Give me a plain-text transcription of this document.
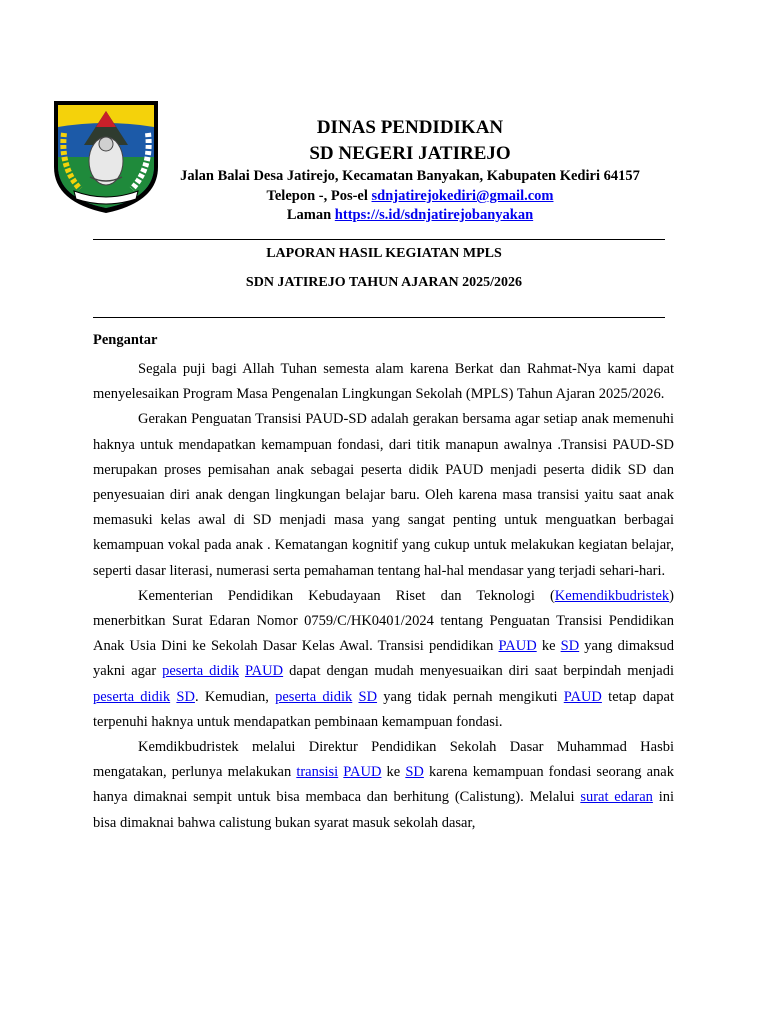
DINAS PENDIDIKAN
SD NEGERI JATIREJO
Jalan Balai Desa Jatirejo, Kecamatan Banyakan, Kabupaten Kediri 64157
Telepon -, Pos-el sdnjatirejokediri@gmail.com
Laman https://s.id/sdnjatirejobanyakan
LAPORAN HASIL KEGIATAN MPLS
SDN JATIREJO TAHUN AJARAN 2025/2026
Pengantar

Segala puji bagi Allah Tuhan semesta alam karena Berkat dan Rahmat-Nya kami dapat menyelesaikan Program Masa Pengenalan Lingkungan Sekolah (MPLS) Tahun Ajaran 2025/2026.

Gerakan Penguatan Transisi PAUD-SD adalah gerakan bersama agar setiap anak memenuhi haknya untuk mendapatkan kemampuan fondasi, dari titik manapun awalnya .Transisi PAUD-SD merupakan proses pemisahan anak sebagai peserta didik PAUD menjadi peserta didik SD dan penyesuaian diri anak dengan lingkungan belajar baru. Oleh karena masa transisi yaitu saat anak memasuki kelas awal di SD menjadi masa yang sangat penting untuk menguatkan berbagai kemampuan vokal pada anak . Kematangan kognitif yang cukup untuk melakukan kegiatan belajar, seperti dasar literasi, numerasi serta pemahaman tentang hal-hal mendasar yang terjadi sehari-hari.

Kementerian Pendidikan Kebudayaan Riset dan Teknologi (Kemendikbudristek) menerbitkan Surat Edaran Nomor 0759/C/HK0401/2024 tentang Penguatan Transisi Pendidikan Anak Usia Dini ke Sekolah Dasar Kelas Awal. Transisi pendidikan PAUD ke SD yang dimaksud yakni agar peserta didik PAUD dapat dengan mudah menyesuaikan diri saat berpindah menjadi peserta didik SD. Kemudian, peserta didik SD yang tidak pernah mengikuti PAUD tetap dapat terpenuhi haknya untuk mendapatkan pembinaan kemampuan fondasi.

Kemdikbudristek melalui Direktur Pendidikan Sekolah Dasar Muhammad Hasbi mengatakan, perlunya melakukan transisi PAUD ke SD karena kemampuan fondasi seorang anak hanya dimaknai sempit untuk bisa membaca dan berhitung (Calistung). Melalui surat edaran ini bisa dimaknai bahwa calistung bukan syarat masuk sekolah dasar,
